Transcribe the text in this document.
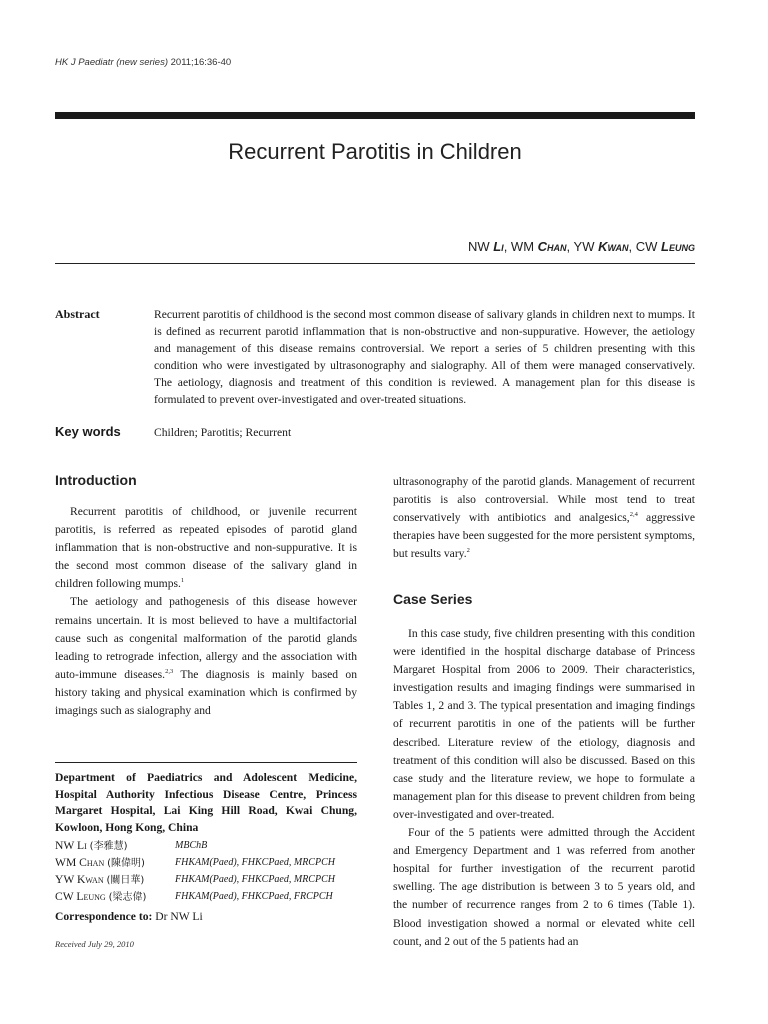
HK J Paediatr (new series) 2011;16:36-40
Recurrent Parotitis in Children
NW Li, WM Chan, YW Kwan, CW Leung
Abstract	Recurrent parotitis of childhood is the second most common disease of salivary glands in children next to mumps. It is defined as recurrent parotid inflammation that is non-obstructive and non-suppurative. However, the aetiology and management of this disease remains controversial. We report a series of 5 children presenting with this condition who were investigated by ultrasonography and sialography. All of them were managed conservatively. The aetiology, diagnosis and treatment of this condition is reviewed. A management plan for this disease is formulated to prevent over-investigated and over-treated situations.
Key words	Children; Parotitis; Recurrent
Introduction

Recurrent parotitis of childhood, or juvenile recurrent parotitis, is referred as repeated episodes of parotid gland inflammation that is non-obstructive and non-suppurative. It is the second most common disease of the salivary gland in children following mumps.$^1$

The aetiology and pathogenesis of this disease however remains uncertain. It is most believed to have a multifactorial cause such as congenital malformation of the parotid glands leading to retrograde infection, allergy and the association with auto-immune diseases.$^{2,3}$ The diagnosis is mainly based on history taking and physical examination which is confirmed by imagings such as sialography and

ultrasonography of the parotid glands. Management of recurrent parotitis is also controversial. While most tend to treat conservatively with antibiotics and analgesics,$^{2,4}$ aggressive therapies have been suggested for the more persistent symptoms, but results vary.$^2$

Case Series

In this case study, five children presenting with this condition were identified in the hospital discharge database of Princess Margaret Hospital from 2006 to 2009. Their characteristics, investigation results and imaging findings were summarised in Tables 1, 2 and 3. The typical presentation and imaging findings of recurrent parotitis in one of the patients will be further described. Literature review of the etiology, diagnosis and treatment of this condition will also be discussed. Based on this case study and the literature review, we hope to formulate a management plan for this disease to prevent children from being over-investigated and over-treated.

Four of the 5 patients were admitted through the Accident and Emergency Department and 1 was referred from another hospital for further investigation of the recurrent parotid swelling. The age distribution is between 3 to 5 years old, and the number of recurrence ranges from 2 to 6 times (Table 1). Blood investigation showed a normal or elevated white cell count, and 2 out of the 5 patients had an

Department of Paediatrics and Adolescent Medicine, Hospital Authority Infectious Disease Centre, Princess Margaret Hospital, Lai King Hill Road, Kwai Chung, Kowloon, Hong Kong, China
NW Li (李雅慧)	MBChB
WM Chan (陳偉明)	FHKAM(Paed), FHKCPaed, MRCPCH
YW Kwan (關日華)	FHKAM(Paed), FHKCPaed, MRCPCH
CW Leung (梁志偉)	FHKAM(Paed), FHKCPaed, FRCPCH
Correspondence to: Dr NW Li
Received July 29, 2010
